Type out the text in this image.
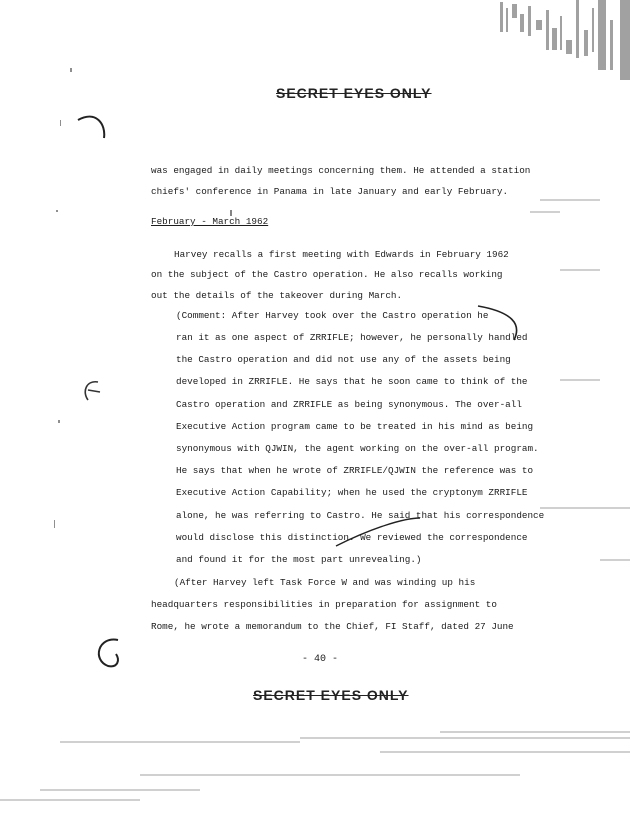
SECRET EYES ONLY
was engaged in daily meetings concerning them. He attended a station
chiefs' conference in Panama in late January and early February.
February - March 1962
Harvey recalls a first meeting with Edwards in February 1962
on the subject of the Castro operation. He also recalls working
out the details of the takeover during March.
(Comment: After Harvey took over the Castro operation he
ran it as one aspect of ZRRIFLE; however, he personally handled
the Castro operation and did not use any of the assets being
developed in ZRRIFLE. He says that he soon came to think of the
Castro operation and ZRRIFLE as being synonymous. The over-all
Executive Action program came to be treated in his mind as being
synonymous with QJWIN, the agent working on the over-all program.
He says that when he wrote of ZRRIFLE/QJWIN the reference was to
Executive Action Capability; when he used the cryptonym ZRRIFLE
alone, he was referring to Castro. He said that his correspondence
would disclose this distinction. We reviewed the correspondence
and found it for the most part unrevealing.)
(After Harvey left Task Force W and was winding up his
headquarters responsibilities in preparation for assignment to
Rome, he wrote a memorandum to the Chief, FI Staff, dated 27 June
- 40 -
SECRET EYES ONLY
